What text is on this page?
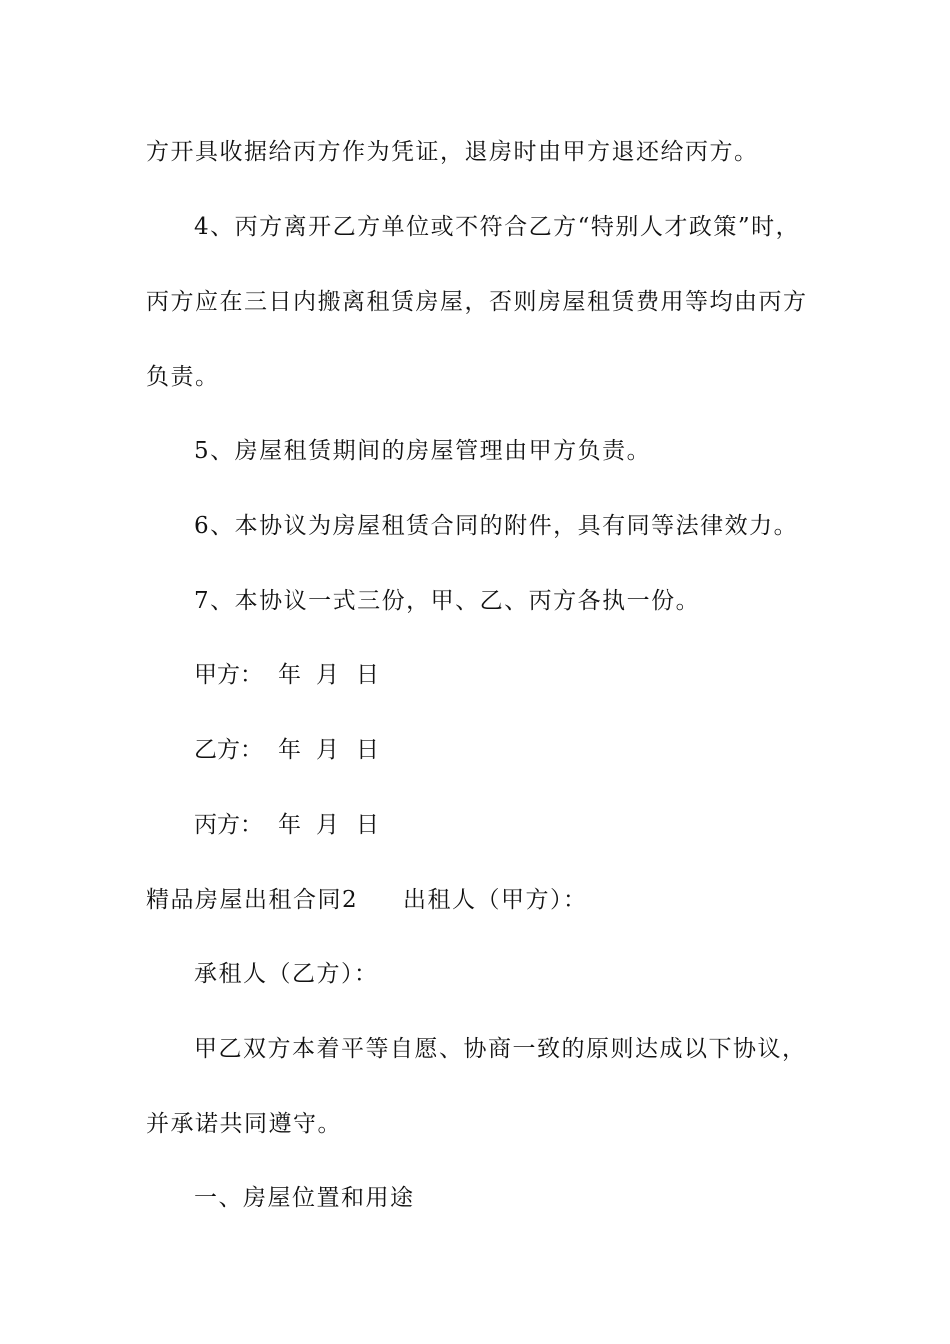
方开具收据给丙方作为凭证，退房时由甲方退还给丙方。
4、丙方离开乙方单位或不符合乙方“特别人才政策”时，
丙方应在三日内搬离租赁房屋，否则房屋租赁费用等均由丙方
负责。
5、房屋租赁期间的房屋管理由甲方负责。
6、本协议为房屋租赁合同的附件，具有同等法律效力。
7、本协议一式三份，甲、乙、丙方各执一份。
甲方： 年 月 日
乙方： 年 月 日
丙方： 年 月 日
精品房屋出租合同2 出租人（甲方）：
承租人（乙方）：
甲乙双方本着平等自愿、协商一致的原则达成以下协议，
并承诺共同遵守。
一、房屋位置和用途
